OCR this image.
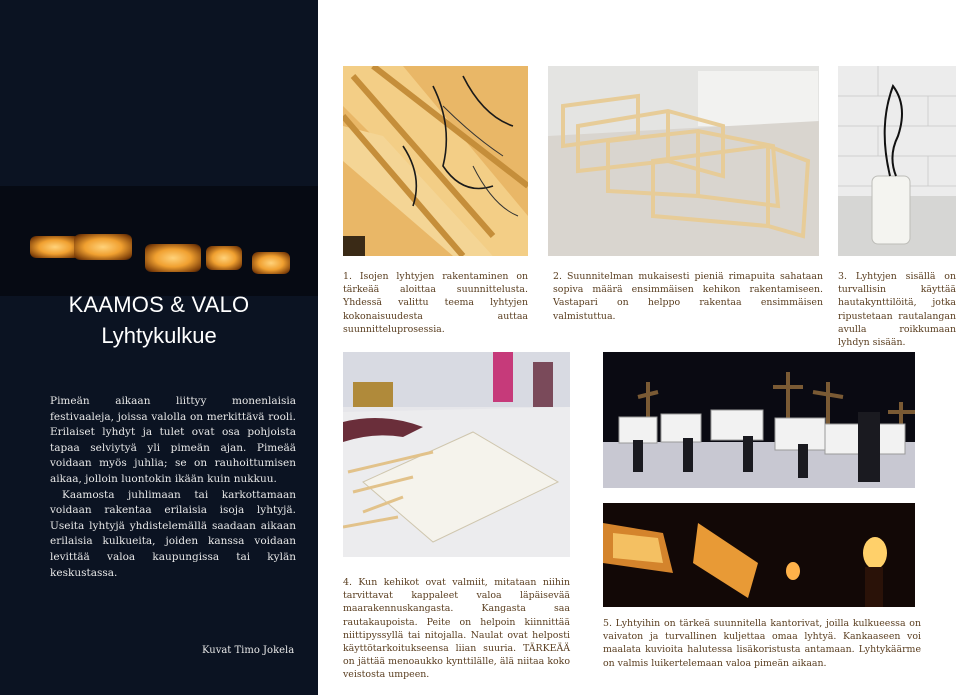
KAAMOS & VALO
Lyhtykulkue

Pimeän aikaan liittyy monenlaisia festivaaleja, joissa valolla on merkittävä rooli. Erilaiset lyhdyt ja tulet ovat osa pohjoista tapaa selviytyä yli pimeän ajan. Pimeää voidaan myös juhlia; se on rauhoittumisen aikaa, jolloin luontokin ikään kuin nukkuu.

Kaamosta juhlimaan tai karkottamaan voidaan rakentaa erilaisia isoja lyhtyjä. Useita lyhtyjä yhdistelemällä saadaan aikaan erilaisia kulkueita, joiden kanssa voidaan levittää valoa kaupungissa tai kylän keskustassa.

Kuvat Timo Jokela
1. Isojen lyhtyjen rakentaminen on tärkeää aloittaa suunnittelusta. Yhdessä valittu teema lyhtyjen kokonaisuudesta auttaa suunnitteluprosessia.
2. Suunnitelman mukaisesti pieniä rimapuita sahataan sopiva määrä ensimmäisen kehikon rakentamiseen. Vastapari on helppo rakentaa ensimmäisen valmistuttua.
3. Lyhtyjen sisällä on turvallisin käyttää hautakynttilöitä, jotka ripustetaan rautalangan avulla roikkumaan lyhdyn sisään.
4. Kun kehikot ovat valmiit, mitataan niihin tarvittavat kappaleet valoa läpäisevää maarakennuskangasta. Kangasta saa rautakaupoista. Peite on helpoin kiinnittää niittipyssyllä tai nitojalla. Naulat ovat helposti käyttötarkoitukseensa liian suuria. TÄRKEÄÄ on jättää menoaukko kynttilälle, älä niitaa koko veistosta umpeen.
5. Lyhtyihin on tärkeä suunnitella kantorivat, joilla kulkueessa on vaivaton ja turvallinen kuljettaa omaa lyhtyä. Kankaaseen voi maalata kuvioita halutessa lisäkoristusta antamaan. Lyhtykäärme on valmis luikertelemaan valoa pimeän aikaan.
